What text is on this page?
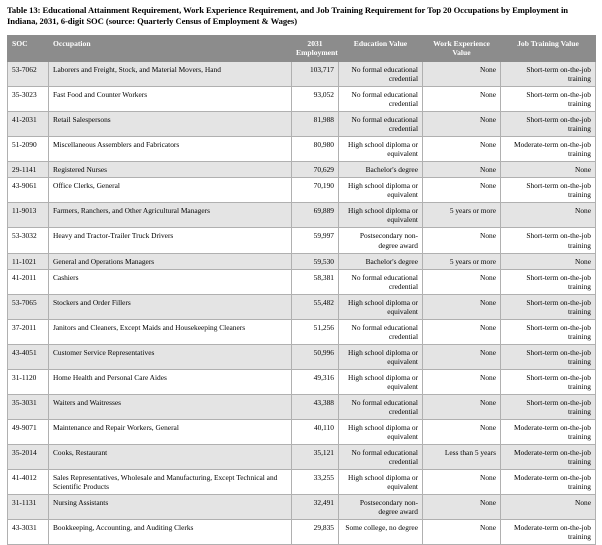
Table 13: Educational Attainment Requirement, Work Experience Requirement, and Job Training Requirement for Top 20 Occupations by Employment in Indiana, 2031, 6-digit SOC (source: Quarterly Census of Employment & Wages)
SOC	Occupation	2031 Employment	Education Value	Work Experience Value	Job Training Value
53-7062	Laborers and Freight, Stock, and Material Movers, Hand	103,717	No formal educational credential	None	Short-term on-the-job training
35-3023	Fast Food and Counter Workers	93,052	No formal educational credential	None	Short-term on-the-job training
41-2031	Retail Salespersons	81,988	No formal educational credential	None	Short-term on-the-job training
51-2090	Miscellaneous Assemblers and Fabricators	80,980	High school diploma or equivalent	None	Moderate-term on-the-job training
29-1141	Registered Nurses	70,629	Bachelor's degree	None	None
43-9061	Office Clerks, General	70,190	High school diploma or equivalent	None	Short-term on-the-job training
11-9013	Farmers, Ranchers, and Other Agricultural Managers	69,889	High school diploma or equivalent	5 years or more	None
53-3032	Heavy and Tractor-Trailer Truck Drivers	59,997	Postsecondary non-degree award	None	Short-term on-the-job training
11-1021	General and Operations Managers	59,530	Bachelor's degree	5 years or more	None
41-2011	Cashiers	58,381	No formal educational credential	None	Short-term on-the-job training
53-7065	Stockers and Order Fillers	55,482	High school diploma or equivalent	None	Short-term on-the-job training
37-2011	Janitors and Cleaners, Except Maids and Housekeeping Cleaners	51,256	No formal educational credential	None	Short-term on-the-job training
43-4051	Customer Service Representatives	50,996	High school diploma or equivalent	None	Short-term on-the-job training
31-1120	Home Health and Personal Care Aides	49,316	High school diploma or equivalent	None	Short-term on-the-job training
35-3031	Waiters and Waitresses	43,388	No formal educational credential	None	Short-term on-the-job training
49-9071	Maintenance and Repair Workers, General	40,110	High school diploma or equivalent	None	Moderate-term on-the-job training
35-2014	Cooks, Restaurant	35,121	No formal educational credential	Less than 5 years	Moderate-term on-the-job training
41-4012	Sales Representatives, Wholesale and Manufacturing, Except Technical and Scientific Products	33,255	High school diploma or equivalent	None	Moderate-term on-the-job training
31-1131	Nursing Assistants	32,491	Postsecondary non-degree award	None	None
43-3031	Bookkeeping, Accounting, and Auditing Clerks	29,835	Some college, no degree	None	Moderate-term on-the-job training
